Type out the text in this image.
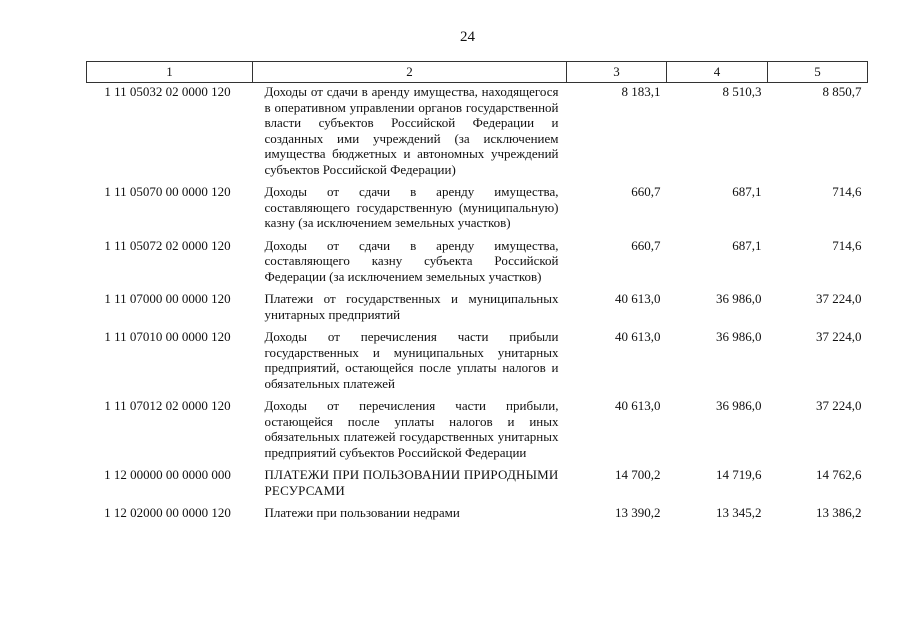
24
1	2	3	4	5
1 11 05032 02 0000 120	Доходы от сдачи в аренду имущества, находящегося в оперативном управлении органов государственной власти субъектов Российской Федерации и созданных ими учреждений (за исключением имущества бюджетных и автономных учреждений субъектов Российской Федерации)	8 183,1	8 510,3	8 850,7
1 11 05070 00 0000 120	Доходы от сдачи в аренду имущества, составляющего государственную (муниципальную) казну (за исключением земельных участков)	660,7	687,1	714,6
1 11 05072 02 0000 120	Доходы от сдачи в аренду имущества, составляющего казну субъекта Российской Федерации (за исключением земельных участков)	660,7	687,1	714,6
1 11 07000 00 0000 120	Платежи от государственных и муниципальных унитарных предприятий	40 613,0	36 986,0	37 224,0
1 11 07010 00 0000 120	Доходы от перечисления части прибыли государственных и муниципальных унитарных предприятий, остающейся после уплаты налогов и обязательных платежей	40 613,0	36 986,0	37 224,0
1 11 07012 02 0000 120	Доходы от перечисления части прибыли, остающейся после уплаты налогов и иных обязательных платежей государственных унитарных предприятий субъектов Российской Федерации	40 613,0	36 986,0	37 224,0
1 12 00000 00 0000 000	ПЛАТЕЖИ ПРИ ПОЛЬЗОВАНИИ ПРИРОДНЫМИ РЕСУРСАМИ	14 700,2	14 719,6	14 762,6
1 12 02000 00 0000 120	Платежи при пользовании недрами	13 390,2	13 345,2	13 386,2
